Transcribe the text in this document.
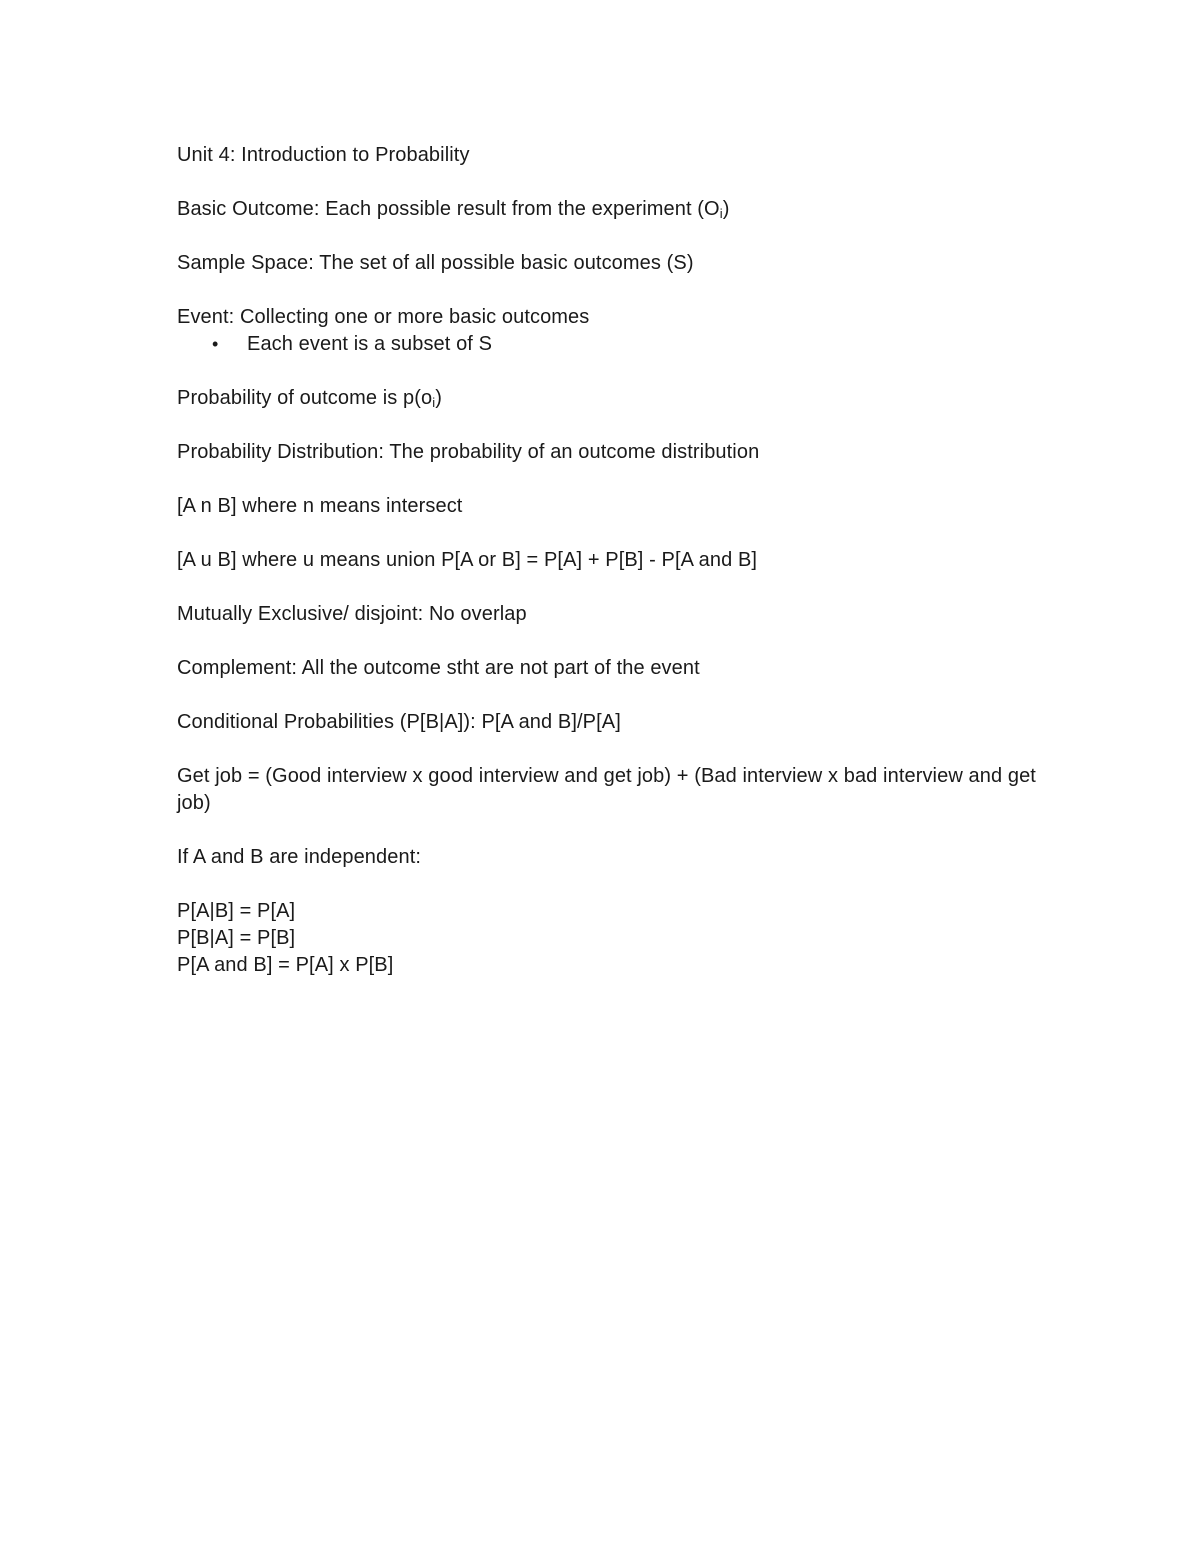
Unit 4: Introduction to Probability

Basic Outcome: Each possible result from the experiment $(O_i)$

Sample Space: The set of all possible basic outcomes (S)

Event: Collecting one or more basic outcomes

•	Each event is a subset of S

Probability of outcome is $p(o_i)$

Probability Distribution: The probability of an outcome distribution

[A n B] where n means intersect

[A u B] where u means union P[A or B] = P[A] + P[B] - P[A and B]

Mutually Exclusive/ disjoint: No overlap

Complement: All the outcome stht are not part of the event

Conditional Probabilities (P[B|A]): P[A and B]/P[A]

Get job = (Good interview x good interview and get job) + (Bad interview x bad interview and get job)

If A and B are independent:

P[A|B] = P[A]

P[B|A] = P[B]

P[A and B] = P[A] x P[B]
